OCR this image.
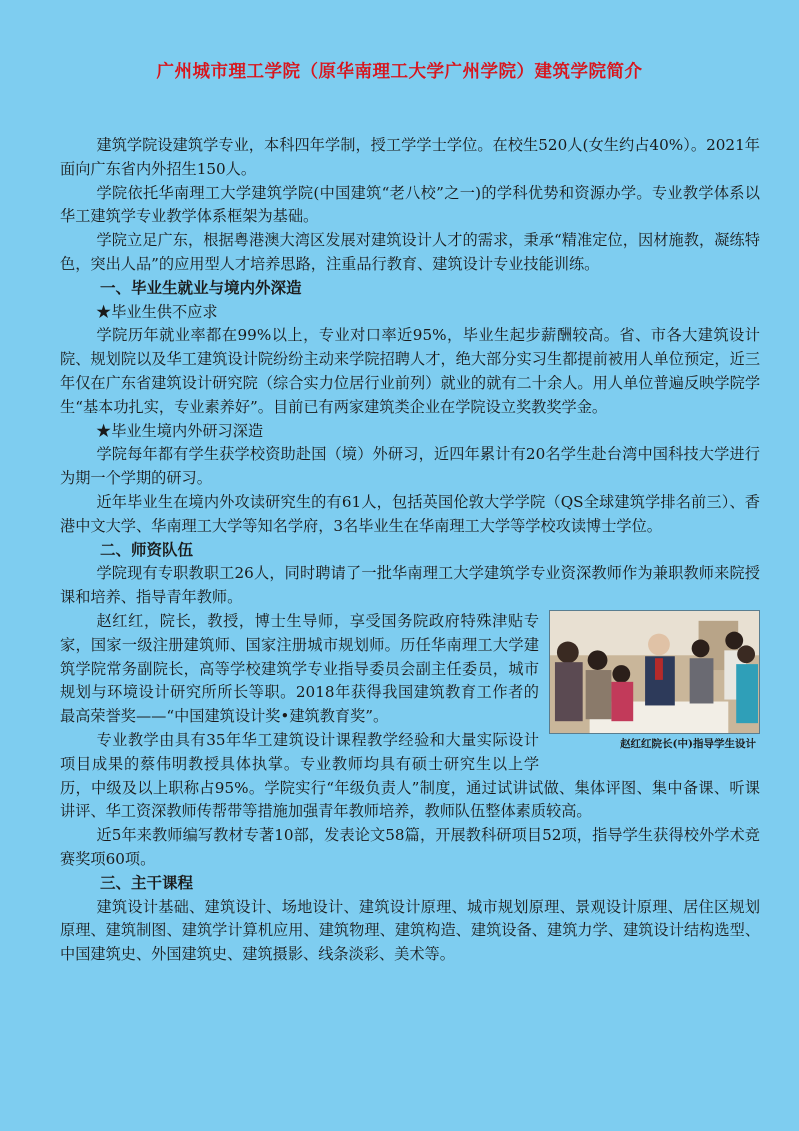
广州城市理工学院（原华南理工大学广州学院）建筑学院简介

建筑学院设建筑学专业，本科四年学制，授工学学士学位。在校生520人(女生约占40%）。2021年面向广东省内外招生150人。

学院依托华南理工大学建筑学院(中国建筑“老八校”之一)的学科优势和资源办学。专业教学体系以华工建筑学专业教学体系框架为基础。

学院立足广东，根据粤港澳大湾区发展对建筑设计人才的需求，秉承“精准定位，因材施教，凝练特色，突出人品”的应用型人才培养思路，注重品行教育、建筑设计专业技能训练。

一、毕业生就业与境内外深造

★毕业生供不应求

学院历年就业率都在99%以上，专业对口率近95%，毕业生起步薪酬较高。省、市各大建筑设计院、规划院以及华工建筑设计院纷纷主动来学院招聘人才，绝大部分实习生都提前被用人单位预定，近三年仅在广东省建筑设计研究院（综合实力位居行业前列）就业的就有二十余人。用人单位普遍反映学院学生“基本功扎实，专业素养好”。目前已有两家建筑类企业在学院设立奖教奖学金。

★毕业生境内外研习深造

学院每年都有学生获学校资助赴国（境）外研习，近四年累计有20名学生赴台湾中国科技大学进行为期一个学期的研习。

近年毕业生在境内外攻读研究生的有61人，包括英国伦敦大学学院（QS全球建筑学排名前三）、香港中文大学、华南理工大学等知名学府，3名毕业生在华南理工大学等学校攻读博士学位。

二、师资队伍

学院现有专职教职工26人，同时聘请了一批华南理工大学建筑学专业资深教师作为兼职教师来院授课和培养、指导青年教师。

赵红红院长(中)指导学生设计

赵红红，院长，教授，博士生导师，享受国务院政府特殊津贴专家，国家一级注册建筑师、国家注册城市规划师。历任华南理工大学建筑学院常务副院长，高等学校建筑学专业指导委员会副主任委员，城市规划与环境设计研究所所长等职。2018年获得我国建筑教育工作者的最高荣誉奖——“中国建筑设计奖•建筑教育奖”。

专业教学由具有35年华工建筑设计课程教学经验和大量实际设计项目成果的蔡伟明教授具体执掌。专业教师均具有硕士研究生以上学历，中级及以上职称占95%。学院实行“年级负责人”制度，通过试讲试做、集体评图、集中备课、听课讲评、华工资深教师传帮带等措施加强青年教师培养，教师队伍整体素质较高。

近5年来教师编写教材专著10部，发表论文58篇，开展教科研项目52项，指导学生获得校外学术竞赛奖项60项。

三、主干课程

建筑设计基础、建筑设计、场地设计、建筑设计原理、城市规划原理、景观设计原理、居住区规划原理、建筑制图、建筑学计算机应用、建筑物理、建筑构造、建筑设备、建筑力学、建筑设计结构选型、中国建筑史、外国建筑史、建筑摄影、线条淡彩、美术等。
